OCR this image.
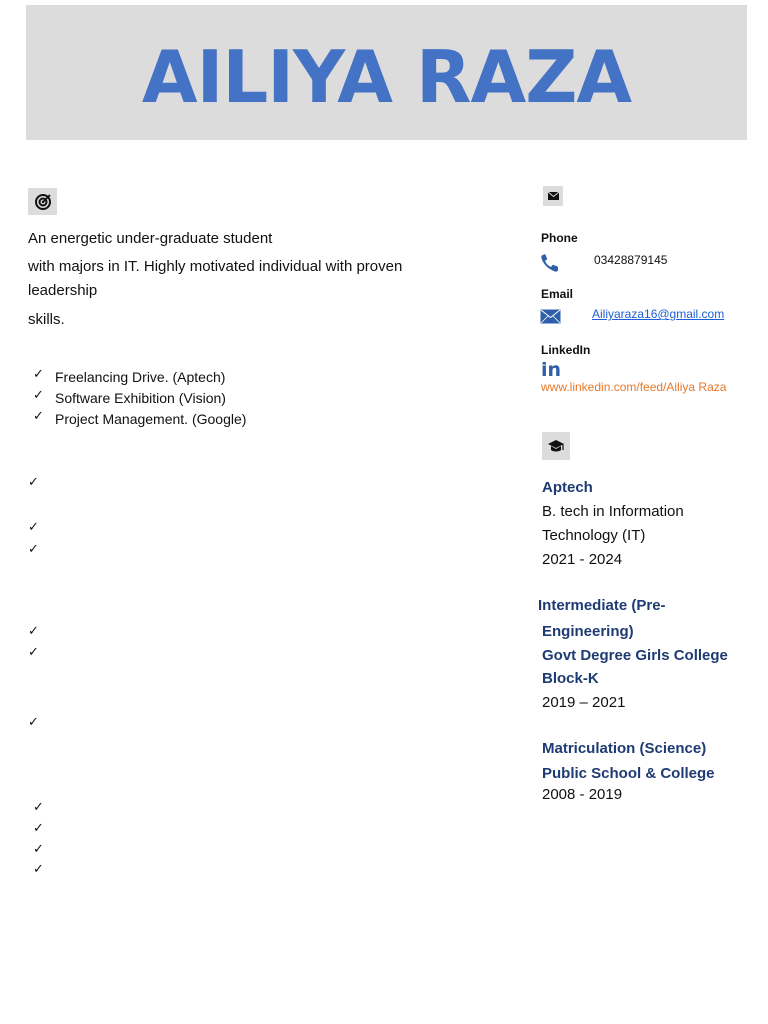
AILIYA RAZA
An energetic under-graduate student
with majors in IT. Highly motivated individual with proven
leadership
skills.
✓ Freelancing Drive. (Aptech)
✓ Software Exhibition (Vision)
✓ Project Management. (Google)
✓
✓
✓
✓
✓
✓
✓
✓
✓
✓
Phone
03428879145
Email
Ailiyaraza16@gmail.com
LinkedIn
in
www.linkedin.com/feed/Ailiya Raza
Aptech
B. tech in Information
Technology (IT)
2021 - 2024
Intermediate (Pre-
Engineering)
Govt Degree Girls College
Block-K
2019 – 2021
Matriculation (Science)
Public School & College
2008 - 2019
